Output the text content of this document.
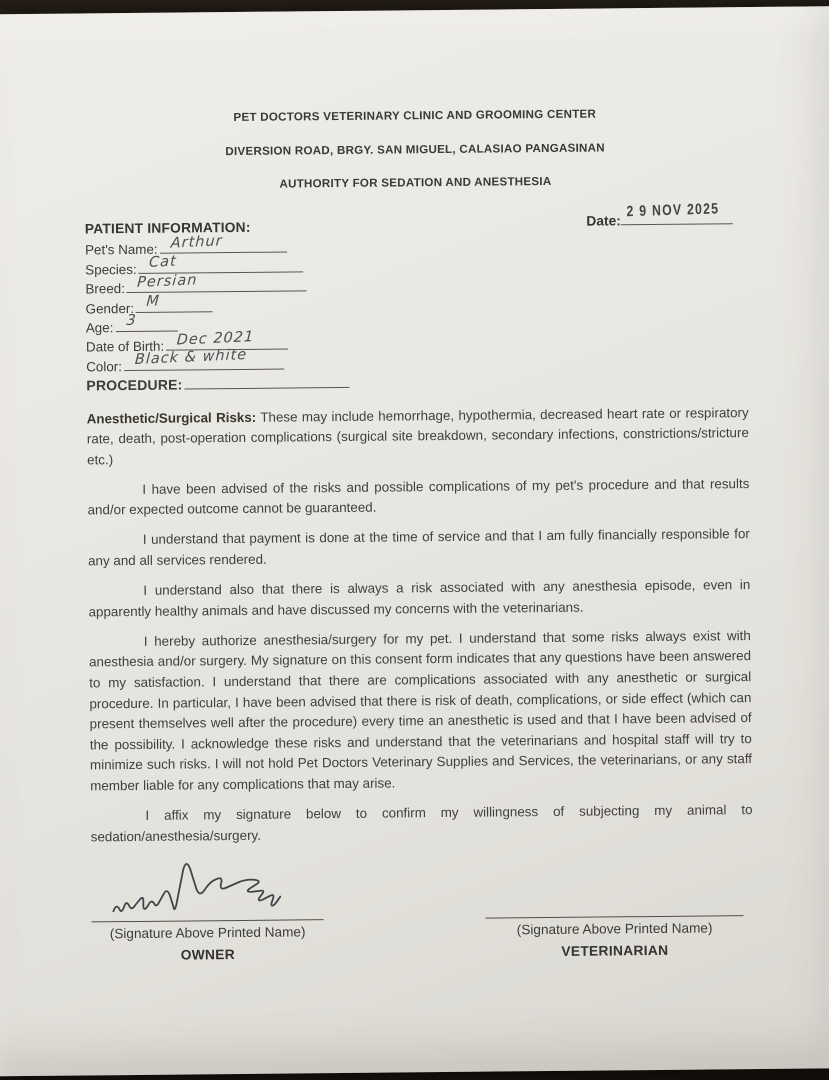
PET DOCTORS VETERINARY CLINIC AND GROOMING CENTER
DIVERSION ROAD, BRGY. SAN MIGUEL, CALASIAO PANGASINAN
AUTHORITY FOR SEDATION AND ANESTHESIA
Date:
2 9 NOV 2025
PATIENT INFORMATION:
Pet's Name: Arthur
Species: Cat
Breed: Persian
Gender: M
Age: 3
Date of Birth: Dec 2021
Color: Black & white
PROCEDURE:

Anesthetic/Surgical Risks: These may include hemorrhage, hypothermia, decreased heart rate or respiratory rate, death, post-operation complications (surgical site breakdown, secondary infections, constrictions/stricture etc.)

I have been advised of the risks and possible complications of my pet's procedure and that results and/or expected outcome cannot be guaranteed.

I understand that payment is done at the time of service and that I am fully financially responsible for any and all services rendered.

I understand also that there is always a risk associated with any anesthesia episode, even in apparently healthy animals and have discussed my concerns with the veterinarians.

I hereby authorize anesthesia/surgery for my pet. I understand that some risks always exist with anesthesia and/or surgery. My signature on this consent form indicates that any questions have been answered to my satisfaction. I understand that there are complications associated with any anesthetic or surgical procedure. In particular, I have been advised that there is risk of death, complications, or side effect (which can present themselves well after the procedure) every time an anesthetic is used and that I have been advised of the possibility. I acknowledge these risks and understand that the veterinarians and hospital staff will try to minimize such risks. I will not hold Pet Doctors Veterinary Supplies and Services, the veterinarians, or any staff member liable for any complications that may arise.

I affix my signature below to confirm my willingness of subjecting my animal to sedation/anesthesia/surgery.

(Signature Above Printed Name)
OWNER
(Signature Above Printed Name)
VETERINARIAN
